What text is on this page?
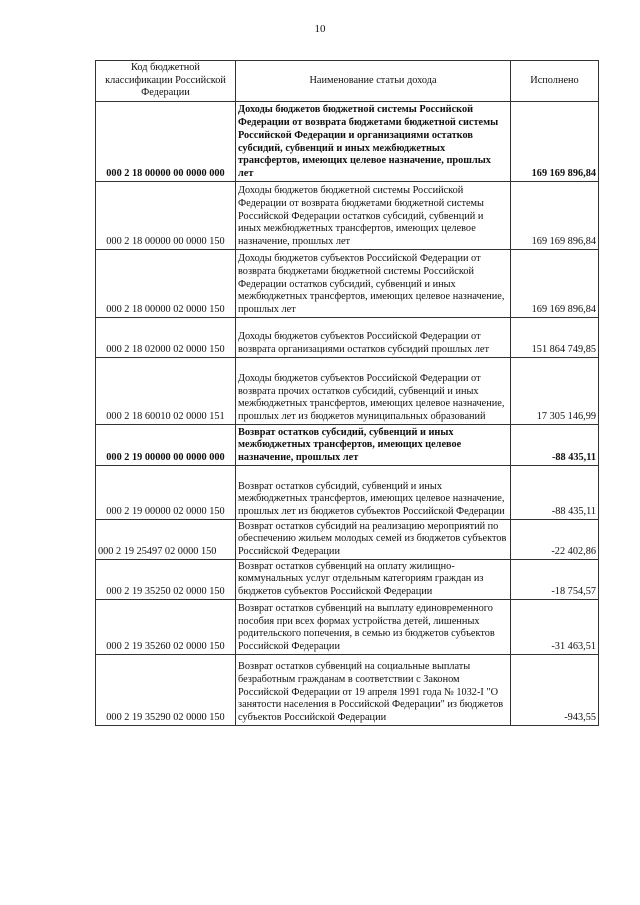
10
Код бюджетной классификации Российской Федерации	Наименование статьи дохода	Исполнено
000 2 18 00000 00 0000 000	Доходы бюджетов бюджетной системы Российской Федерации от возврата бюджетами бюджетной системы Российской Федерации и организациями остатков субсидий, субвенций и иных межбюджетных трансфертов, имеющих целевое назначение, прошлых лет	169 169 896,84
000 2 18 00000 00 0000 150	Доходы бюджетов бюджетной системы Российской Федерации от возврата бюджетами бюджетной системы Российской Федерации остатков субсидий, субвенций и иных межбюджетных трансфертов, имеющих целевое назначение, прошлых лет	169 169 896,84
000 2 18 00000 02 0000 150	Доходы бюджетов субъектов Российской Федерации от возврата бюджетами бюджетной системы Российской Федерации остатков субсидий, субвенций и иных межбюджетных трансфертов, имеющих целевое назначение, прошлых лет	169 169 896,84
000 2 18 02000 02 0000 150	Доходы бюджетов субъектов Российской Федерации от возврата организациями остатков субсидий прошлых лет	151 864 749,85
000 2 18 60010 02 0000 151	Доходы бюджетов субъектов Российской Федерации от возврата прочих остатков субсидий, субвенций и иных межбюджетных трансфертов, имеющих целевое назначение, прошлых лет из бюджетов муниципальных образований	17 305 146,99
000 2 19 00000 00 0000 000	Возврат остатков субсидий, субвенций и иных межбюджетных трансфертов, имеющих целевое назначение, прошлых лет	-88 435,11
000 2 19 00000 02 0000 150	Возврат остатков субсидий, субвенций и иных межбюджетных трансфертов, имеющих целевое назначение, прошлых лет из бюджетов субъектов Российской Федерации	-88 435,11
000 2 19 25497 02 0000 150	Возврат остатков субсидий на реализацию мероприятий по обеспечению жильем молодых семей из бюджетов субъектов Российской Федерации	-22 402,86
000 2 19 35250 02 0000 150	Возврат остатков субвенций на оплату жилищно-коммунальных услуг отдельным категориям граждан из бюджетов субъектов Российской Федерации	-18 754,57
000 2 19 35260 02 0000 150	Возврат остатков субвенций на выплату единовременного пособия при всех формах устройства детей, лишенных родительского попечения, в семью из бюджетов субъектов Российской Федерации	-31 463,51
000 2 19 35290 02 0000 150	Возврат остатков субвенций на социальные выплаты безработным гражданам в соответствии с Законом Российской Федерации от 19 апреля 1991 года № 1032-I "О занятости населения в Российской Федерации" из бюджетов субъектов Российской Федерации	-943,55
